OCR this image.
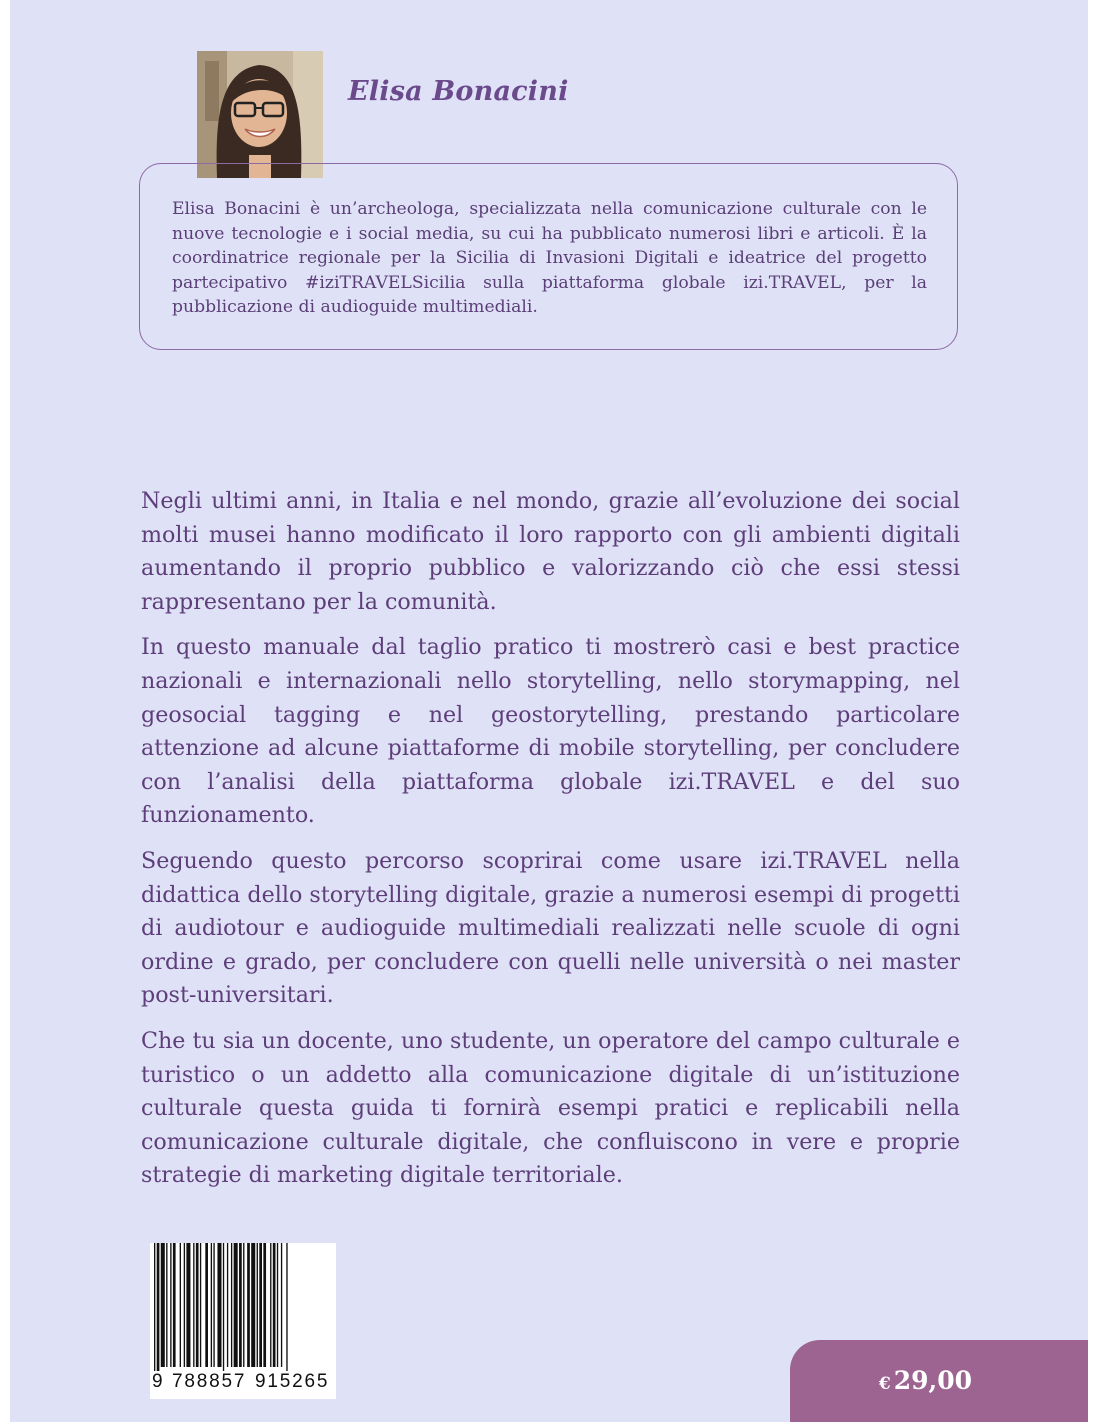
Elisa Bonacini

Elisa Bonacini è un’archeologa, specializzata nella comunicazione culturale con le nuove tecnologie e i social media, su cui ha pubblicato numerosi libri e articoli. È la coordinatrice regionale per la Sicilia di Invasioni Digitali e ideatrice del progetto partecipativo #iziTRAVELSicilia sulla piattaforma globale izi.TRAVEL, per la pubblicazione di audioguide multimediali.

Negli ultimi anni, in Italia e nel mondo, grazie all’evoluzione dei social molti musei hanno modificato il loro rapporto con gli ambienti digitali aumentando il proprio pubblico e valorizzando ciò che essi stessi rappresentano per la comunità.

In questo manuale dal taglio pratico ti mostrerò casi e best practice nazionali e internazionali nello storytelling, nello storymapping, nel geosocial tagging e nel geostorytelling, prestando particolare attenzione ad alcune piattaforme di mobile storytelling, per concludere con l’analisi della piattaforma globale izi.TRAVEL e del suo funzionamento.

Seguendo questo percorso scoprirai come usare izi.TRAVEL nella didattica dello storytelling digitale, grazie a numerosi esempi di progetti di audiotour e audioguide multimediali realizzati nelle scuole di ogni ordine e grado, per concludere con quelli nelle università o nei master post-universitari.

Che tu sia un docente, uno studente, un operatore del campo culturale e turistico o un addetto alla comunicazione digitale di un’istituzione culturale questa guida ti fornirà esempi pratici e replicabili nella comunicazione culturale digitale, che confluiscono in vere e proprie strategie di marketing digitale territoriale.

9 788857 915265	€ 29,00
